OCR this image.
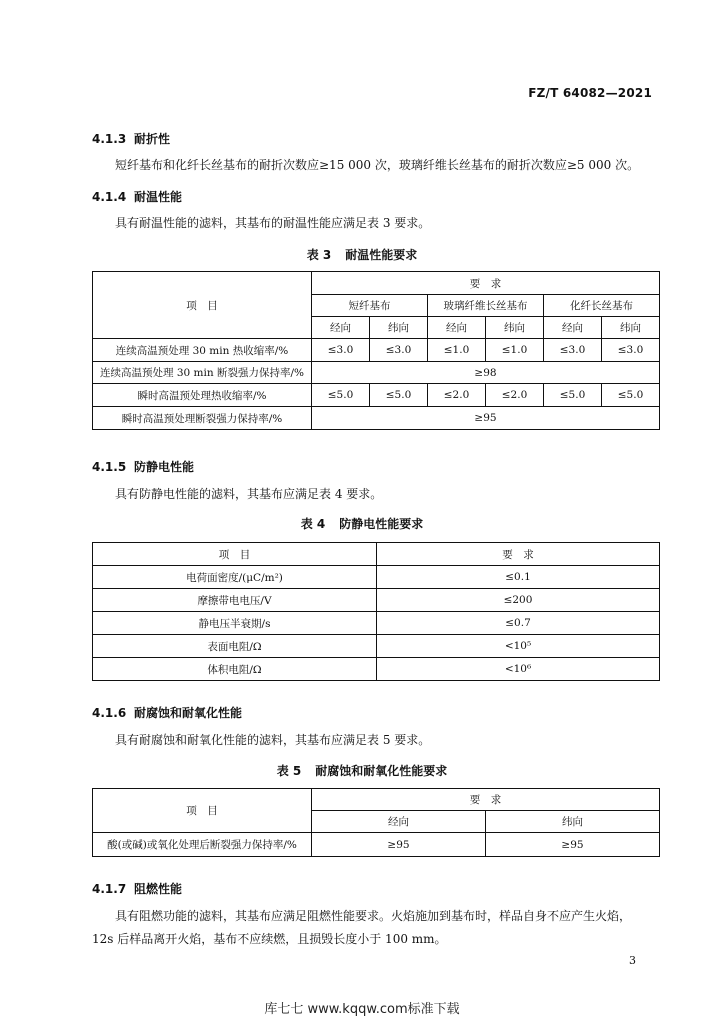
FZ/T 64082—2021
4.1.3 耐折性
短纤基布和化纤长丝基布的耐折次数应≥15 000 次，玻璃纤维长丝基布的耐折次数应≥5 000 次。
4.1.4 耐温性能
具有耐温性能的滤料，其基布的耐温性能应满足表 3 要求。
表 3 耐温性能要求
项　目	要　求					
	短纤基布		玻璃纤维长丝基布		化纤长丝基布	
	经向	纬向	经向	纬向	经向	纬向
连续高温预处理 30 min 热收缩率/%	≤3.0	≤3.0	≤1.0	≤1.0	≤3.0	≤3.0
连续高温预处理 30 min 断裂强力保持率/%	≥98					
瞬时高温预处理热收缩率/%	≤5.0	≤5.0	≤2.0	≤2.0	≤5.0	≤5.0
瞬时高温预处理断裂强力保持率/%	≥95					
4.1.5 防静电性能
具有防静电性能的滤料，其基布应满足表 4 要求。
表 4 防静电性能要求
项　目	要　求
电荷面密度/(μC/m²)	≤0.1
摩擦带电电压/V	≤200
静电压半衰期/s	≤0.7
表面电阻/Ω	<10⁵
体积电阻/Ω	<10⁶
4.1.6 耐腐蚀和耐氧化性能
具有耐腐蚀和耐氧化性能的滤料，其基布应满足表 5 要求。
表 5 耐腐蚀和耐氧化性能要求
项　目	要　求	
	经向	纬向
酸(或碱)或氧化处理后断裂强力保持率/%	≥95	≥95
4.1.7 阻燃性能
具有阻燃功能的滤料，其基布应满足阻燃性能要求。火焰施加到基布时，样品自身不应产生火焰，
12s 后样品离开火焰，基布不应续燃，且损毁长度小于 100 mm。
3
库七七 www.kqqw.com标准下载
